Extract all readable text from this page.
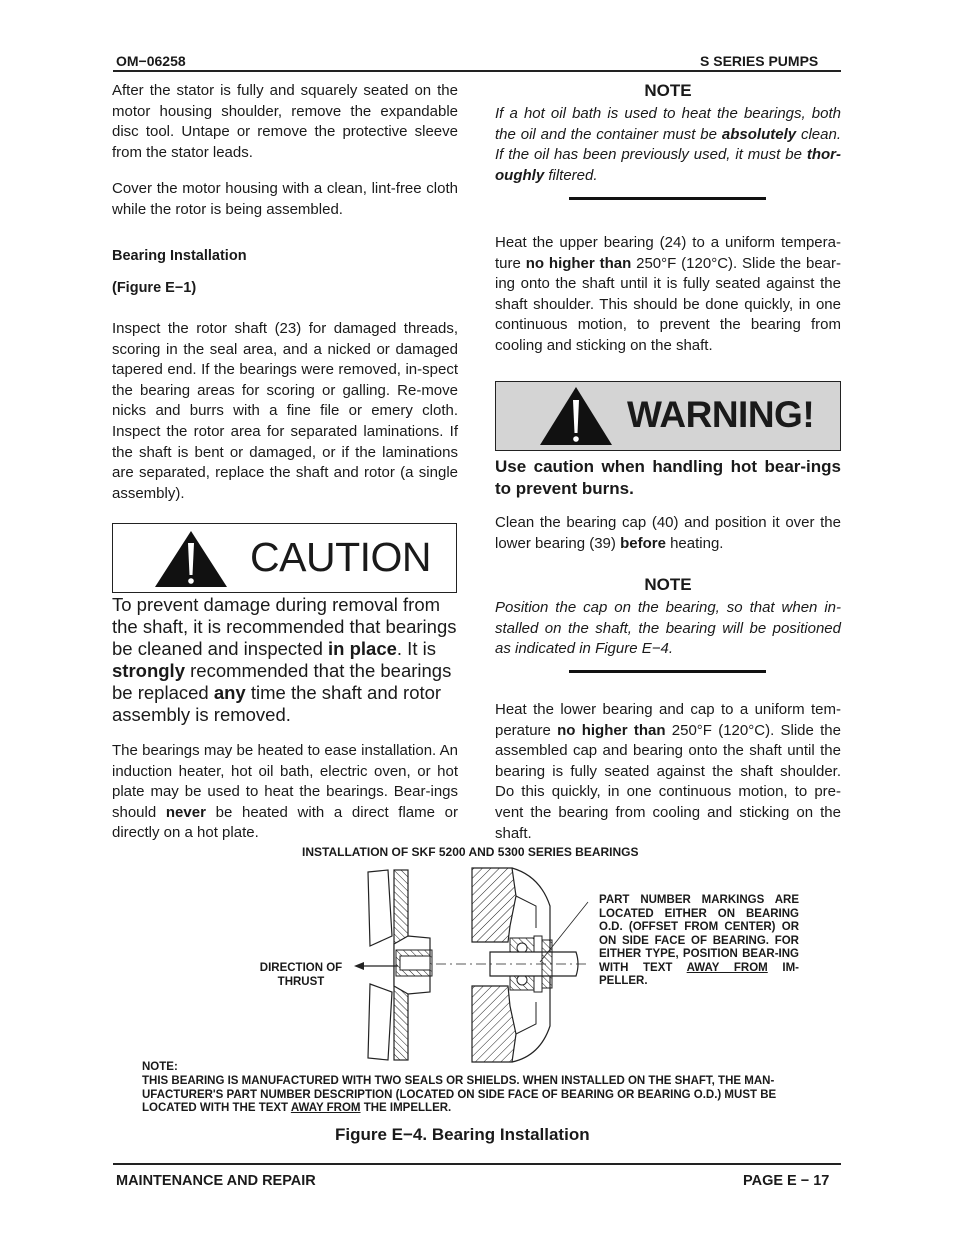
OM−06258	S SERIES PUMPS

After the stator is fully and squarely seated on the motor housing shoulder, remove the expandable disc tool. Untape or remove the protective sleeve from the stator leads.

Cover the motor housing with a clean, lint-free cloth while the rotor is being assembled.

Bearing Installation
(Figure E−1)

Inspect the rotor shaft (23) for damaged threads, scoring in the seal area, and a nicked or damaged tapered end. If the bearings were removed, in-spect the bearing areas for scoring or galling. Re-move nicks and burrs with a fine file or emery cloth. Inspect the rotor area for separated laminations. If the shaft is bent or damaged, or if the laminations are separated, replace the shaft and rotor (a single assembly).

CAUTION

To prevent damage during removal from the shaft, it is recommended that bearings be cleaned and inspected in place. It is strongly recommended that the bearings be replaced any time the shaft and rotor assembly is removed.

The bearings may be heated to ease installation. An induction heater, hot oil bath, electric oven, or hot plate may be used to heat the bearings. Bear-ings should never be heated with a direct flame or directly on a hot plate.

NOTE

If a hot oil bath is used to heat the bearings, both the oil and the container must be absolutely clean. If the oil has been previously used, it must be thor-oughly filtered.

Heat the upper bearing (24) to a uniform tempera-ture no higher than 250°F (120°C). Slide the bear-ing onto the shaft until it is fully seated against the shaft shoulder. This should be done quickly, in one continuous motion, to prevent the bearing from cooling and sticking on the shaft.

WARNING!

Use caution when handling hot bear-ings to prevent burns.

Clean the bearing cap (40) and position it over the lower bearing (39) before heating.

NOTE

Position the cap on the bearing, so that when in-stalled on the shaft, the bearing will be positioned as indicated in Figure E−4.

Heat the lower bearing and cap to a uniform tem-perature no higher than 250°F (120°C). Slide the assembled cap and bearing onto the shaft until the bearing is fully seated against the shaft shoulder. Do this quickly, in one continuous motion, to pre-vent the bearing from cooling and sticking on the shaft.

INSTALLATION OF SKF 5200 AND 5300 SERIES BEARINGS
DIRECTION OF THRUST

PART NUMBER MARKINGS ARE LOCATED EITHER ON BEARING O.D. (OFFSET FROM CENTER) OR ON SIDE FACE OF BEARING. FOR EITHER TYPE, POSITION BEAR-ING WITH TEXT AWAY FROM IM-PELLER.

NOTE:

THIS BEARING IS MANUFACTURED WITH TWO SEALS OR SHIELDS. WHEN INSTALLED ON THE SHAFT, THE MAN-UFACTURER'S PART NUMBER DESCRIPTION (LOCATED ON SIDE FACE OF BEARING OR BEARING O.D.) MUST BE LOCATED WITH THE TEXT AWAY FROM THE IMPELLER.

Figure E−4. Bearing Installation
MAINTENANCE AND REPAIR	PAGE E − 17
